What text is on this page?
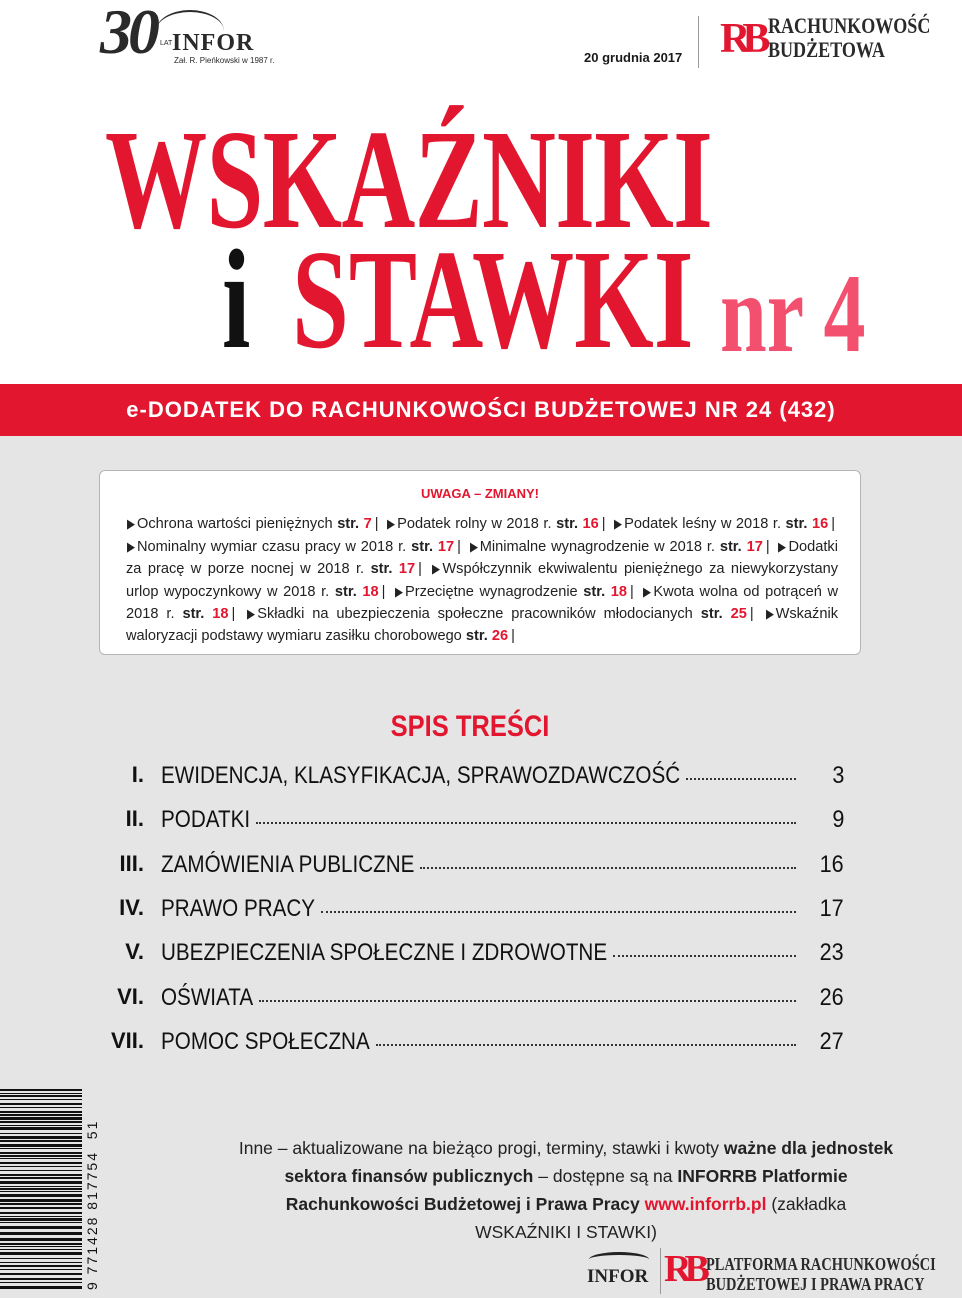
30 LAT INFOR
Zał. R. Pieńkowski w 1987 r.	20 grudnia 2017 RB RACHUNKOWOŚĆ
BUDŻETOWA
WSKAŹNIKI
i STAWKI nr 4
e-DODATEK DO RACHUNKOWOŚCI BUDŻETOWEJ NR 24 (432)
UWAGA – ZMIANY!
▶Ochrona wartości pieniężnych str. 7 | ▶Podatek rolny w 2018 r. str. 16 | ▶Podatek leśny w 2018 r. str. 16 | ▶Nominalny wymiar czasu pracy w 2018 r. str. 17 | ▶Minimalne wynagrodzenie w 2018 r. str. 17 | ▶Dodatki za pracę w porze nocnej w 2018 r. str. 17 | ▶Współczynnik ekwiwalentu pieniężnego za niewykorzystany urlop wypoczynkowy w 2018 r. str. 18 | ▶Przeciętne wynagrodzenie str. 18 | ▶Kwota wolna od potrąceń w 2018 r. str. 18 | ▶Składki na ubezpieczenia społeczne pracowników młodocianych str. 25 | ▶Wskaźnik waloryzacji podstawy wymiaru zasiłku chorobowego str. 26 |
SPIS TREŚCI
I. EWIDENCJA, KLASYFIKACJA, SPRAWOZDAWCZOŚĆ	3
II. PODATKI	9
III. ZAMÓWIENIA PUBLICZNE	16
IV. PRAWO PRACY	17
V. UBEZPIECZENIA SPOŁECZNE I ZDROWOTNE	23
VI. OŚWIATA	26
VII. POMOC SPOŁECZNA	27
Inne – aktualizowane na bieżąco progi, terminy, stawki i kwoty ważne dla jednostek sektora finansów publicznych – dostępne są na INFORRB Platformie Rachunkowości Budżetowej i Prawa Pracy www.inforrb.pl (zakładka WSKAŹNIKI I STAWKI)
9 771428 817754  51
INFOR RB PLATFORMA RACHUNKOWOŚCI
BUDŻETOWEJ I PRAWA PRACY
